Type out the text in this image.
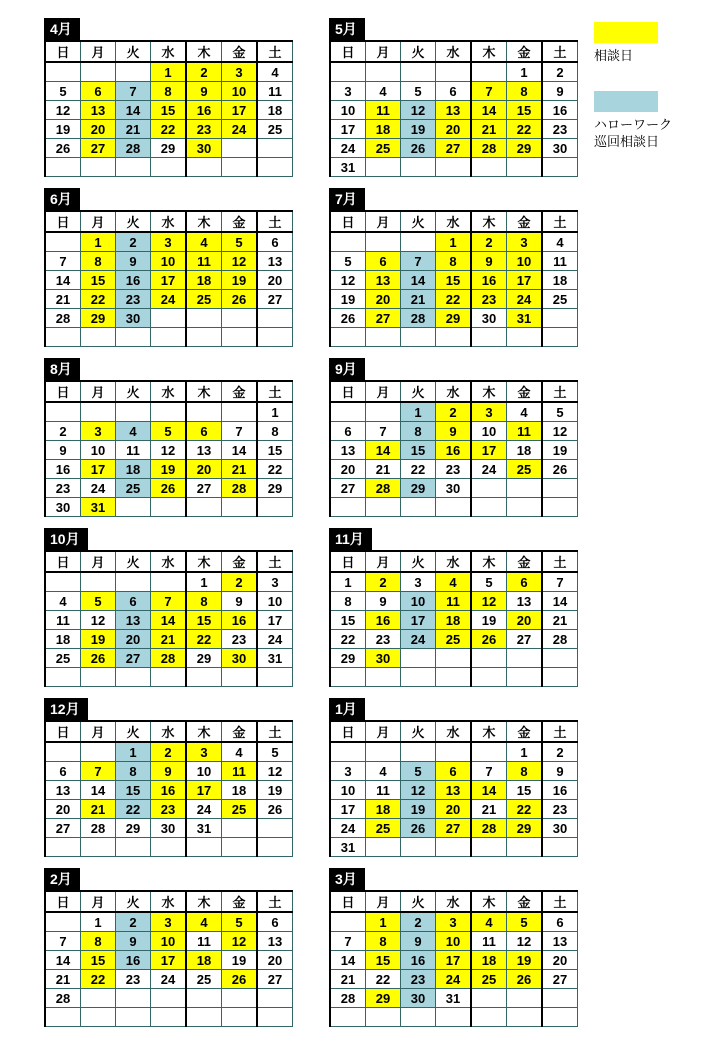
4月
日	月	火	水	木	金	土
			1	2	3	4
5	6	7	8	9	10	11
12	13	14	15	16	17	18
19	20	21	22	23	24	25
26	27	28	29	30		

5月
日	月	火	水	木	金	土
					1	2
3	4	5	6	7	8	9
10	11	12	13	14	15	16
17	18	19	20	21	22	23
24	25	26	27	28	29	30
31						
6月
日	月	火	水	木	金	土
	1	2	3	4	5	6
7	8	9	10	11	12	13
14	15	16	17	18	19	20
21	22	23	24	25	26	27
28	29	30				

7月
日	月	火	水	木	金	土
			1	2	3	4
5	6	7	8	9	10	11
12	13	14	15	16	17	18
19	20	21	22	23	24	25
26	27	28	29	30	31	

8月
日	月	火	水	木	金	土
						1
2	3	4	5	6	7	8
9	10	11	12	13	14	15
16	17	18	19	20	21	22
23	24	25	26	27	28	29
30	31					
9月
日	月	火	水	木	金	土
		1	2	3	4	5
6	7	8	9	10	11	12
13	14	15	16	17	18	19
20	21	22	23	24	25	26
27	28	29	30			

10月
日	月	火	水	木	金	土
				1	2	3
4	5	6	7	8	9	10
11	12	13	14	15	16	17
18	19	20	21	22	23	24
25	26	27	28	29	30	31

11月
日	月	火	水	木	金	土
1	2	3	4	5	6	7
8	9	10	11	12	13	14
15	16	17	18	19	20	21
22	23	24	25	26	27	28
29	30					

12月
日	月	火	水	木	金	土
		1	2	3	4	5
6	7	8	9	10	11	12
13	14	15	16	17	18	19
20	21	22	23	24	25	26
27	28	29	30	31		

1月
日	月	火	水	木	金	土
					1	2
3	4	5	6	7	8	9
10	11	12	13	14	15	16
17	18	19	20	21	22	23
24	25	26	27	28	29	30
31						
2月
日	月	火	水	木	金	土
	1	2	3	4	5	6
7	8	9	10	11	12	13
14	15	16	17	18	19	20
21	22	23	24	25	26	27
28						

3月
日	月	火	水	木	金	土
	1	2	3	4	5	6
7	8	9	10	11	12	13
14	15	16	17	18	19	20
21	22	23	24	25	26	27
28	29	30	31			

相談日
ハローワーク
巡回相談日
